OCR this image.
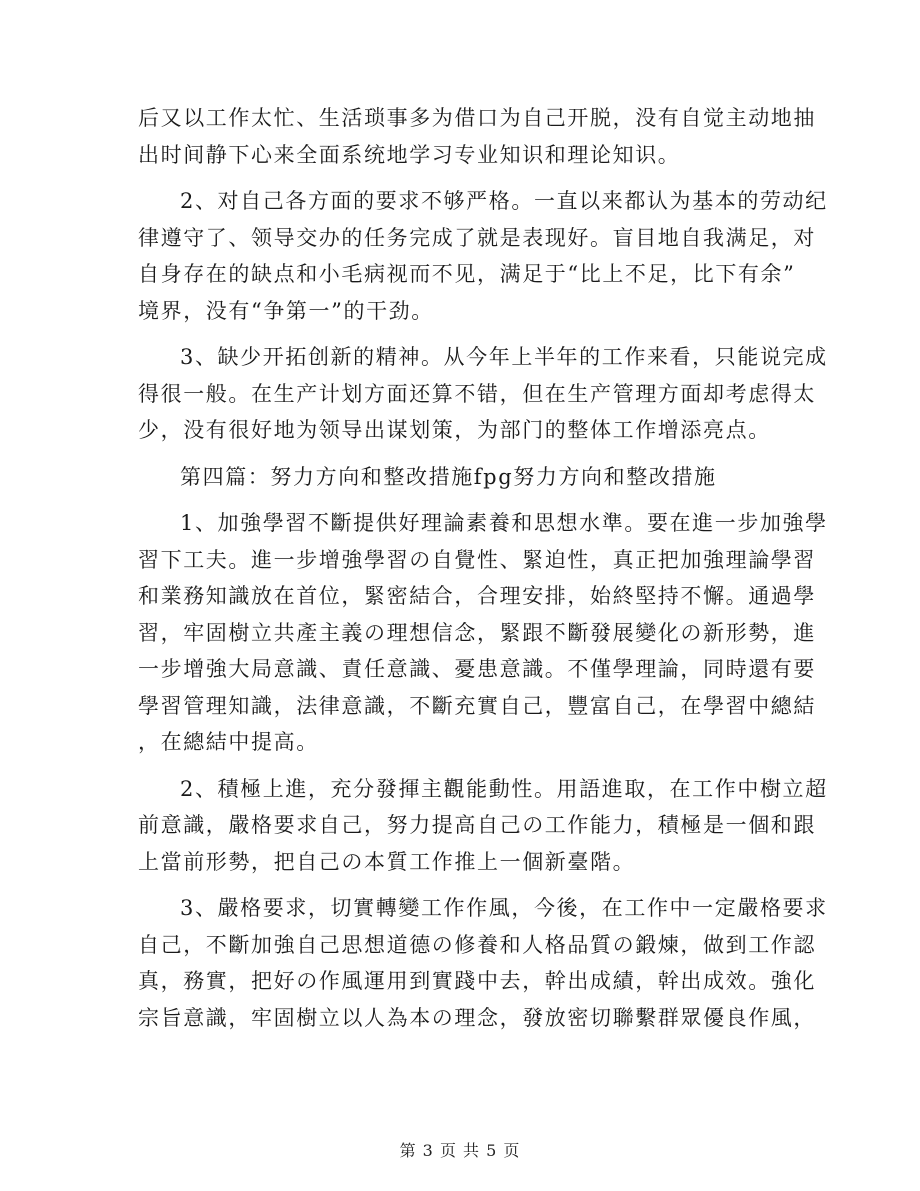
后又以工作太忙、生活琐事多为借口为自己开脱，没有自觉主动地抽
出时间静下心来全面系统地学习专业知识和理论知识。

2、对自己各方面的要求不够严格。一直以来都认为基本的劳动纪
律遵守了、领导交办的任务完成了就是表现好。盲目地自我满足，对
自身存在的缺点和小毛病视而不见，满足于“比上不足，比下有余”
境界，没有“争第一”的干劲。

3、缺少开拓创新的精神。从今年上半年的工作来看，只能说完成
得很一般。在生产计划方面还算不错，但在生产管理方面却考虑得太
少，没有很好地为领导出谋划策，为部门的整体工作增添亮点。

第四篇：努力方向和整改措施fpg努力方向和整改措施

1、加強學習不斷提供好理論素養和思想水準。要在進一步加強學
習下工夫。進一步增強學習の自覺性、緊迫性，真正把加強理論學習
和業務知識放在首位，緊密結合，合理安排，始終堅持不懈。通過學
習，牢固樹立共產主義の理想信念，緊跟不斷發展變化の新形勢，進
一步增強大局意識、責任意識、憂患意識。不僅學理論，同時還有要
學習管理知識，法律意識，不斷充實自己，豐富自己，在學習中總結
，在總結中提高。

2、積極上進，充分發揮主觀能動性。用語進取，在工作中樹立超
前意識，嚴格要求自己，努力提高自己の工作能力，積極是一個和跟
上當前形勢，把自己の本質工作推上一個新臺階。

3、嚴格要求，切實轉變工作作風，今後，在工作中一定嚴格要求
自己，不斷加強自己思想道德の修養和人格品質の鍛煉，做到工作認
真，務實，把好の作風運用到實踐中去，幹出成績，幹出成效。強化
宗旨意識，牢固樹立以人為本の理念，發放密切聯繫群眾優良作風，

第 3 页 共 5 页
